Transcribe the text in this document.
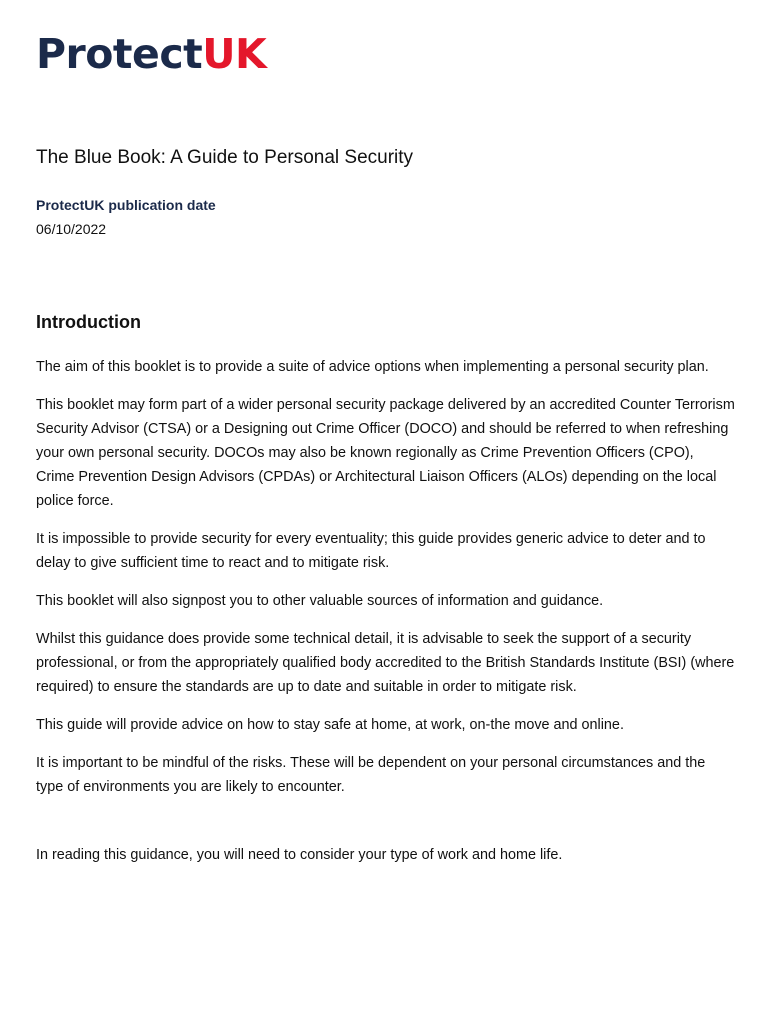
ProtectUK
The Blue Book: A Guide to Personal Security
ProtectUK publication date
06/10/2022
Introduction

The aim of this booklet is to provide a suite of advice options when implementing a personal security plan.

This booklet may form part of a wider personal security package delivered by an accredited Counter Terrorism Security Advisor (CTSA) or a Designing out Crime Officer (DOCO) and should be referred to when refreshing your own personal security. DOCOs may also be known regionally as Crime Prevention Officers (CPO), Crime Prevention Design Advisors (CPDAs) or Architectural Liaison Officers (ALOs) depending on the local police force.

It is impossible to provide security for every eventuality; this guide provides generic advice to deter and to delay to give sufficient time to react and to mitigate risk.

This booklet will also signpost you to other valuable sources of information and guidance.

Whilst this guidance does provide some technical detail, it is advisable to seek the support of a security professional, or from the appropriately qualified body accredited to the British Standards Institute (BSI) (where required) to ensure the standards are up to date and suitable in order to mitigate risk.

This guide will provide advice on how to stay safe at home, at work, on-the move and online.

It is important to be mindful of the risks. These will be dependent on your personal circumstances and the type of environments you are likely to encounter.

In reading this guidance, you will need to consider your type of work and home life.
